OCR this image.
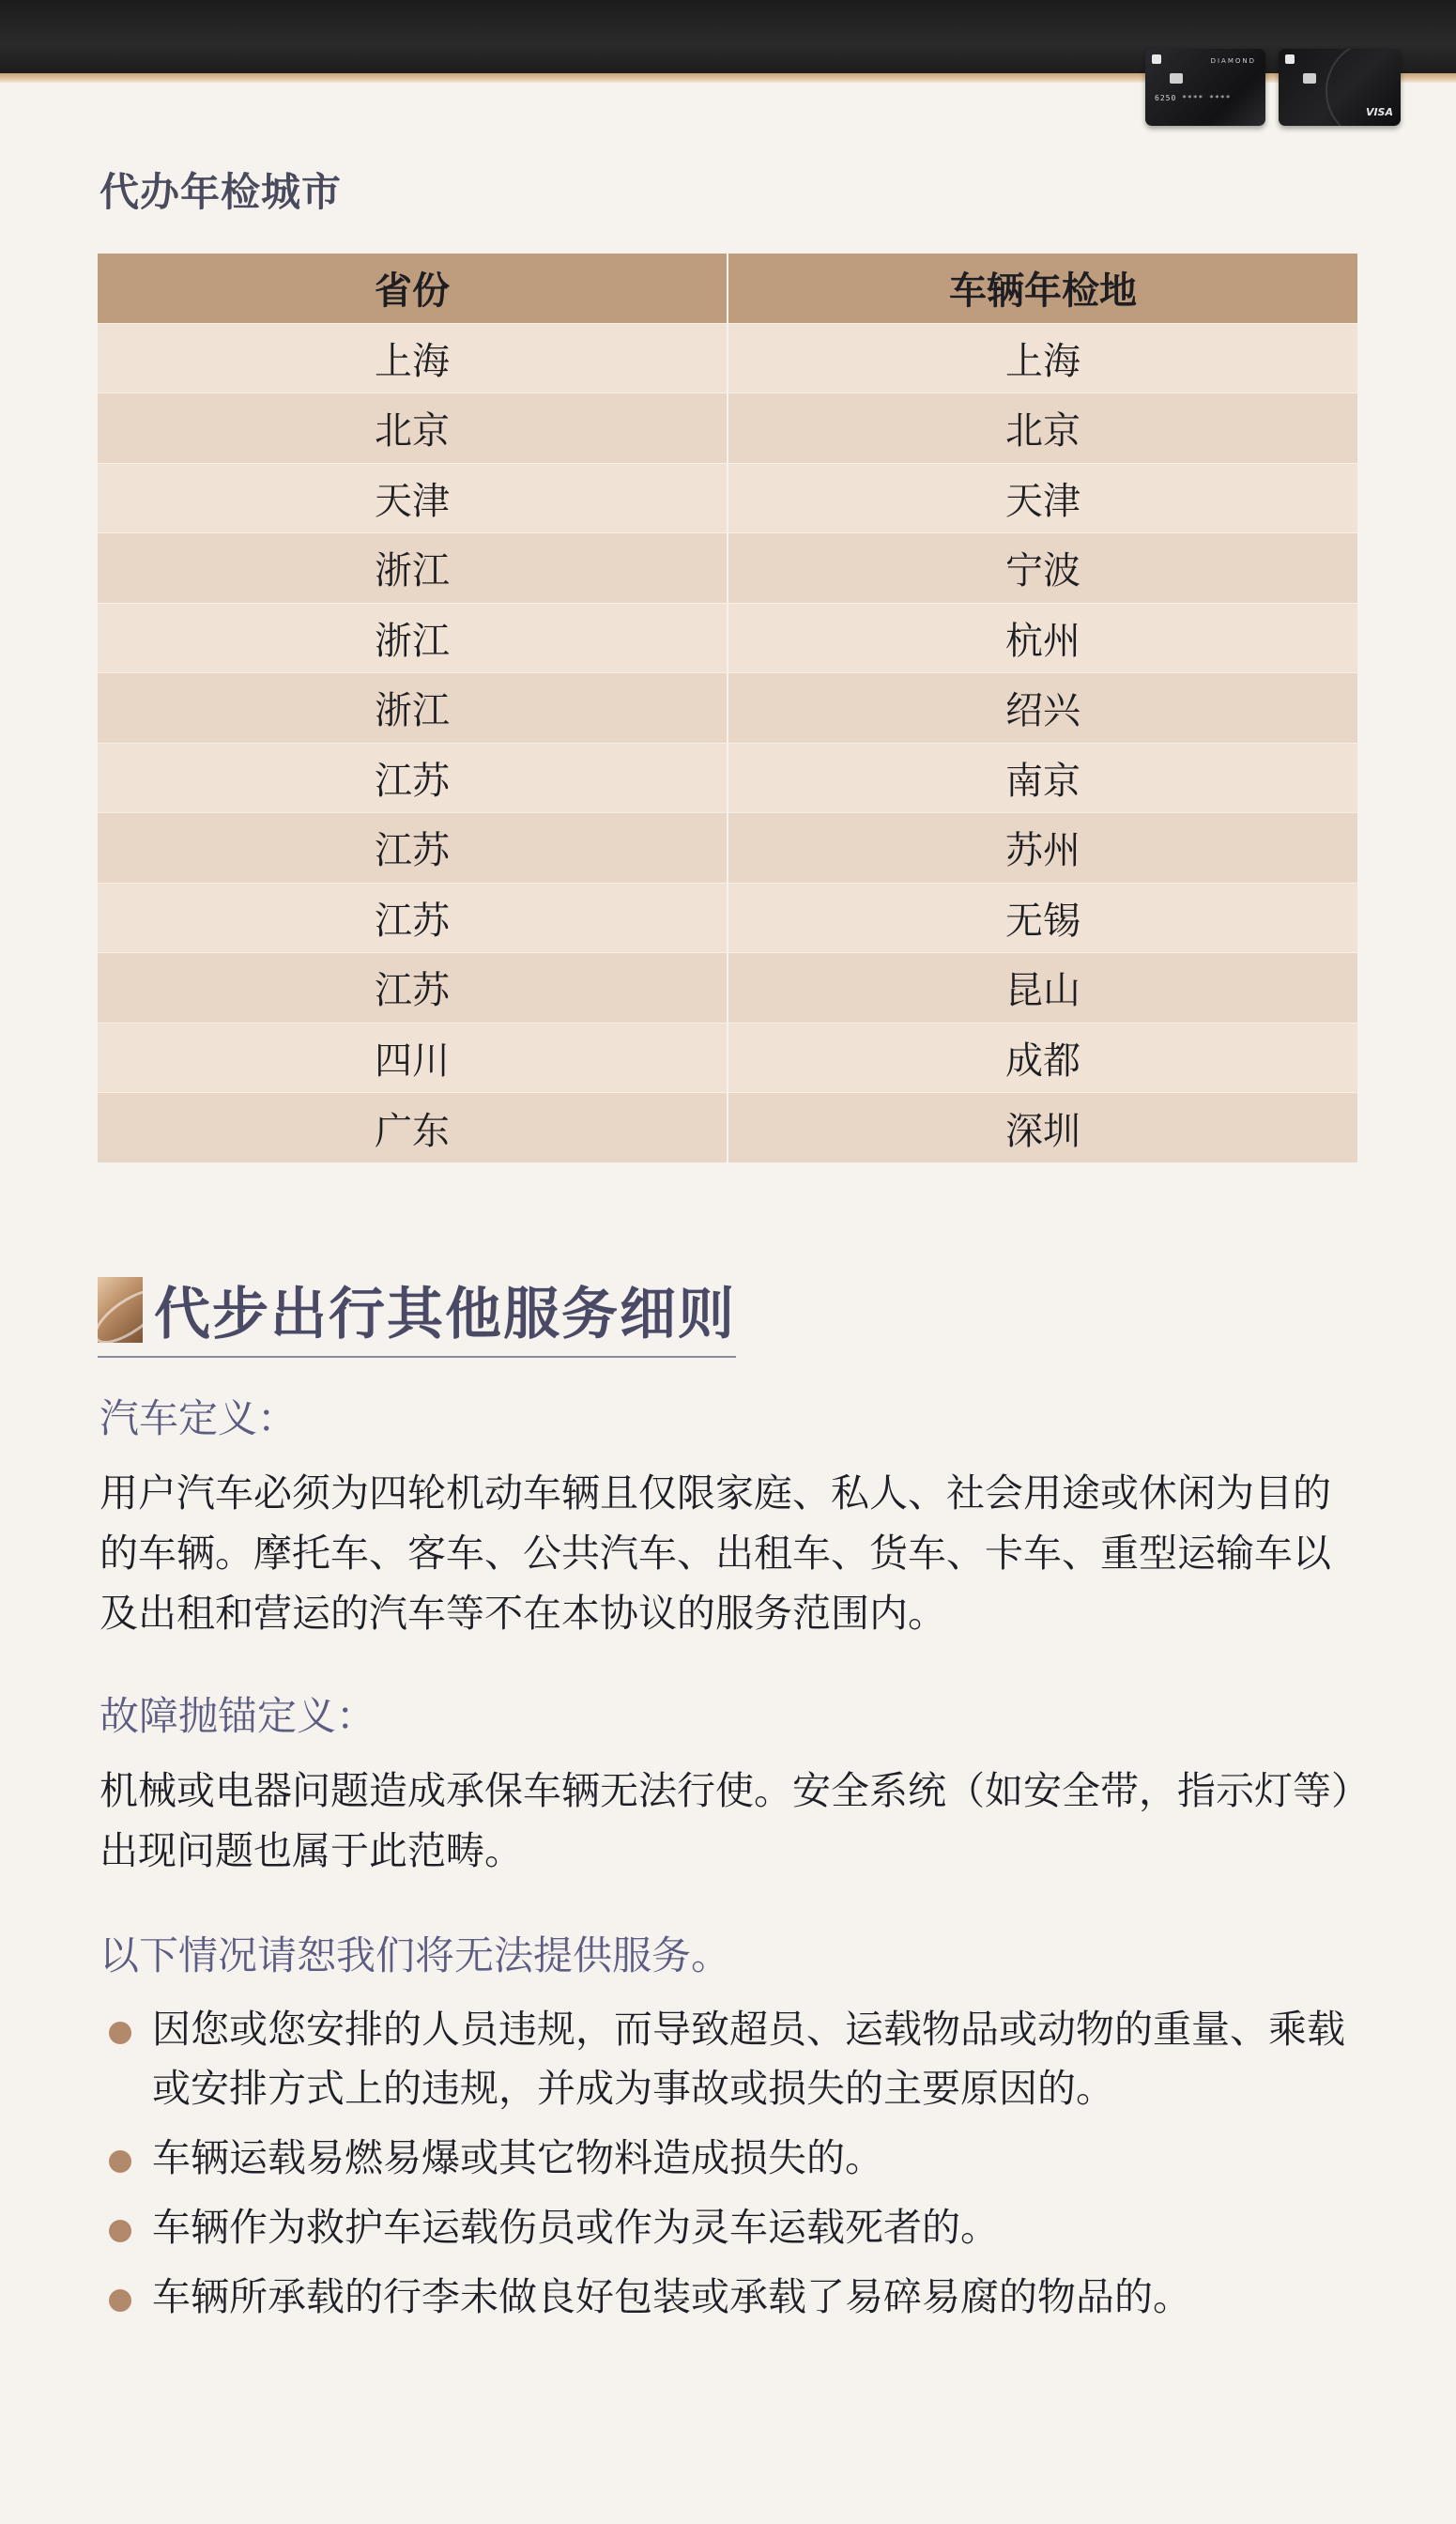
DIAMOND
6250 **** ****
VISA
代办年检城市
省份	车辆年检地
上海	上海
北京	北京
天津	天津
浙江	宁波
浙江	杭州
浙江	绍兴
江苏	南京
江苏	苏州
江苏	无锡
江苏	昆山
四川	成都
广东	深圳
代步出行其他服务细则
汽车定义：
用户汽车必须为四轮机动车辆且仅限家庭、私人、社会用途或休闲为目的的车辆。摩托车、客车、公共汽车、出租车、货车、卡车、重型运输车以及出租和营运的汽车等不在本协议的服务范围内。
故障抛锚定义：
机械或电器问题造成承保车辆无法行使。安全系统（如安全带，指示灯等）出现问题也属于此范畴。
以下情况请恕我们将无法提供服务。
因您或您安排的人员违规，而导致超员、运载物品或动物的重量、乘载或安排方式上的违规，并成为事故或损失的主要原因的。
车辆运载易燃易爆或其它物料造成损失的。
车辆作为救护车运载伤员或作为灵车运载死者的。
车辆所承载的行李未做良好包装或承载了易碎易腐的物品的。
